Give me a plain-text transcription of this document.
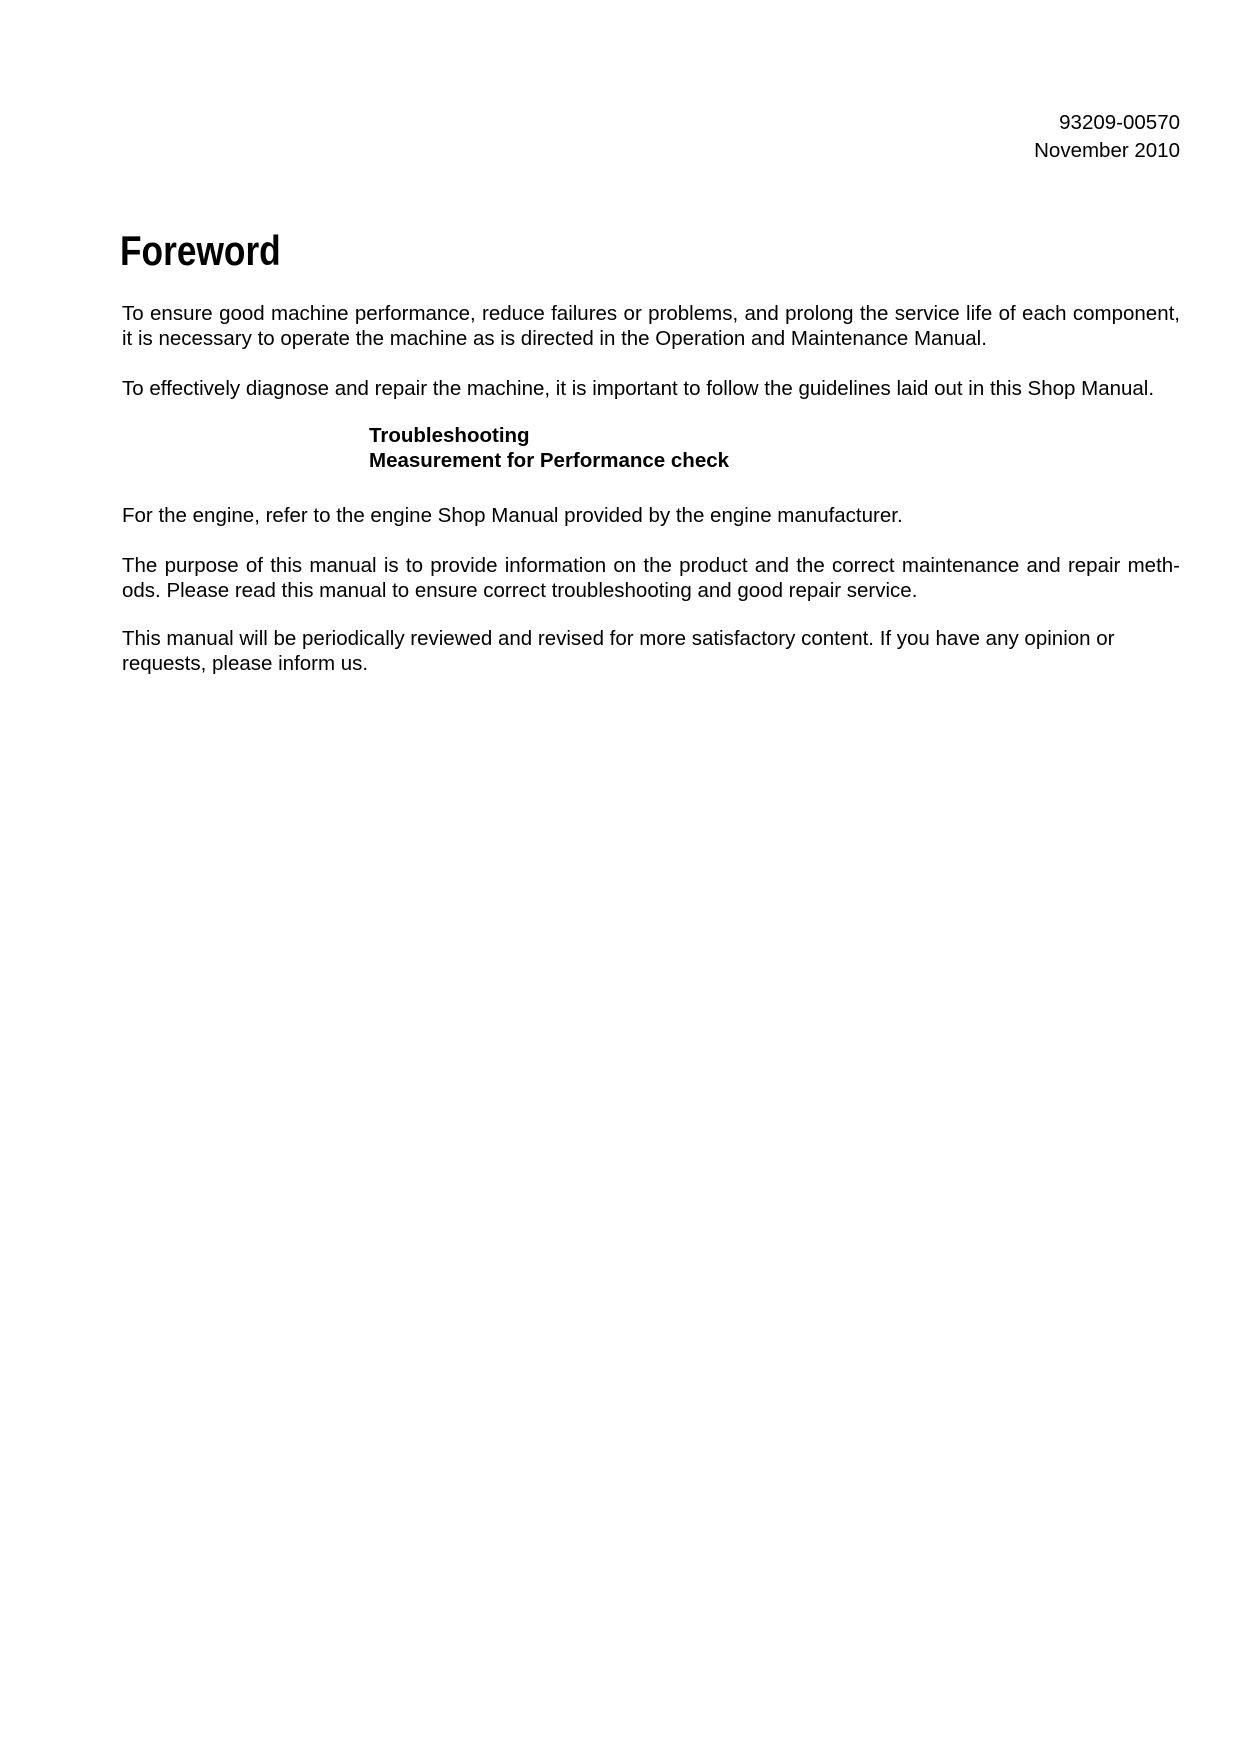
93209-00570
November 2010
Foreword
To ensure good machine performance, reduce failures or problems, and prolong the service life of each component,
it is necessary to operate the machine as is directed in the Operation and Maintenance Manual.
To effectively diagnose and repair the machine, it is important to follow the guidelines laid out in this Shop Manual.
Troubleshooting
Measurement for Performance check
For the engine, refer to the engine Shop Manual provided by the engine manufacturer.
The purpose of this manual is to provide information on the product and the correct maintenance and repair meth-
ods. Please read this manual to ensure correct troubleshooting and good repair service.
This manual will be periodically reviewed and revised for more satisfactory content. If you have any opinion or
requests, please inform us.
